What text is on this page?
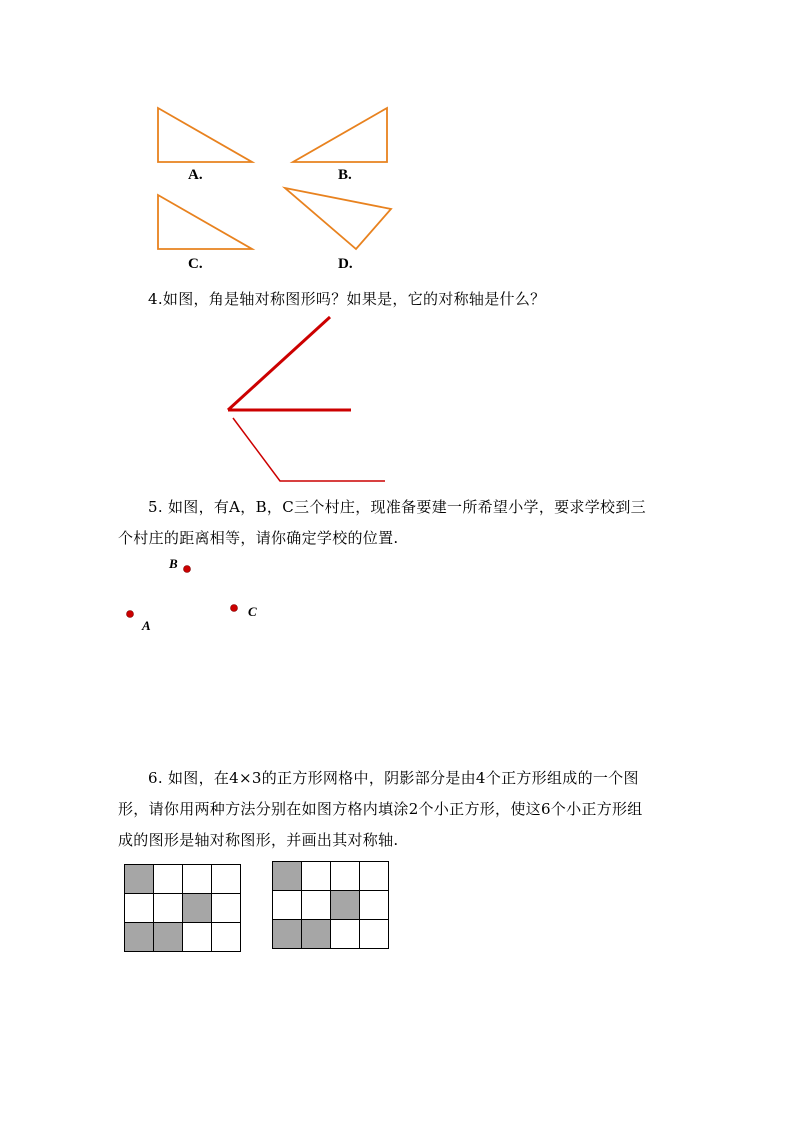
A.	B.
C.	D.
4.如图，角是轴对称图形吗？如果是，它的对称轴是什么？
5. 如图，有A，B，C三个村庄，现准备要建一所希望小学，要求学校到三
个村庄的距离相等，请你确定学校的位置.
B
A
C
6. 如图，在4×3的正方形网格中，阴影部分是由4个正方形组成的一个图
形，请你用两种方法分别在如图方格内填涂2个小正方形，使这6个小正方形组
成的图形是轴对称图形，并画出其对称轴.
